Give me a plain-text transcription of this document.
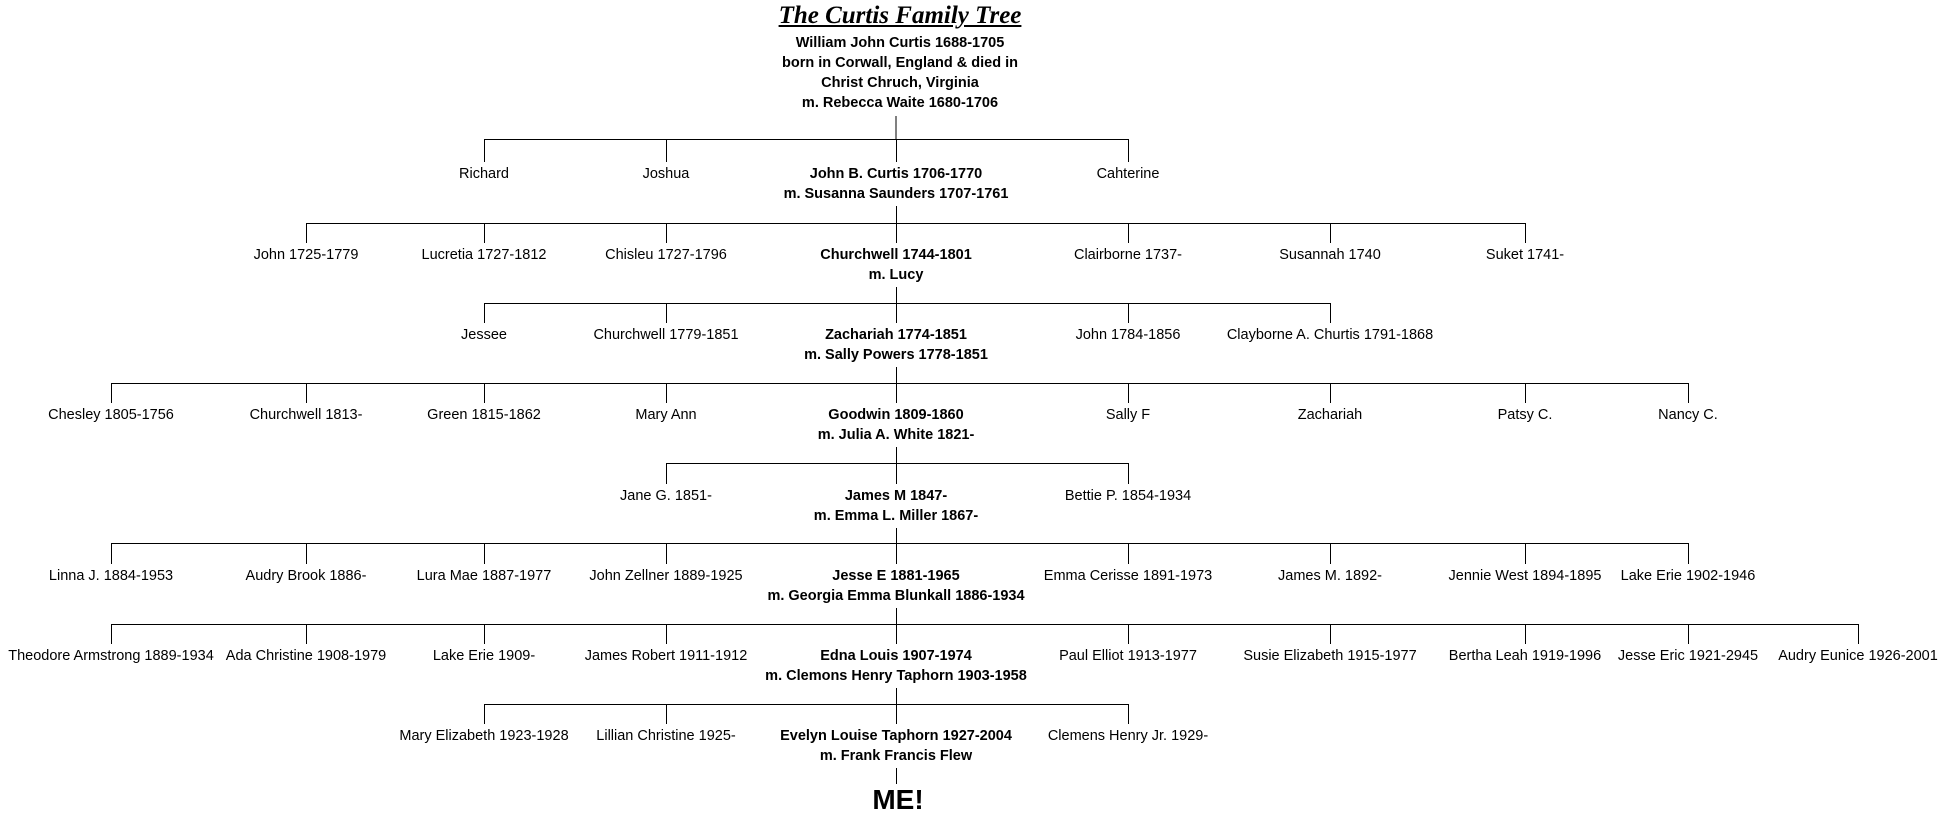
The Curtis Family Tree
William John Curtis 1688-1705
born in Corwall, England & died in
Christ Chruch, Virginia
m. Rebecca Waite 1680-1706
ME!
Richard	Joshua	Cahterine
John B. Curtis 1706-1770
m. Susanna Saunders 1707-1761
John 1725-1779	Lucretia 1727-1812	Chisleu 1727-1796	Clairborne 1737-	Susannah 1740	Suket 1741-
Churchwell 1744-1801
m. Lucy
Jessee	Churchwell 1779-1851	John 1784-1856	Clayborne A. Churtis 1791-1868
Zachariah 1774-1851
m. Sally Powers 1778-1851
Chesley 1805-1756	Churchwell 1813-	Green 1815-1862	Mary Ann	Sally F	Zachariah	Patsy C.	Nancy C.
Goodwin 1809-1860
m. Julia A. White 1821-
Jane G. 1851-	Bettie P. 1854-1934
James M 1847-
m. Emma L. Miller 1867-
Linna J. 1884-1953	Audry Brook 1886-	Lura Mae 1887-1977	John Zellner 1889-1925	Emma Cerisse 1891-1973	James M. 1892-	Jennie West 1894-1895 Lake Erie 1902-1946
Jesse E 1881-1965
m. Georgia Emma Blunkall 1886-1934
Theodore Armstrong 1889-1934 Ada Christine 1908-1979	Lake Erie 1909-	James Robert 1911-1912	Paul Elliot 1913-1977	Susie Elizabeth 1915-1977 Bertha Leah 1919-1996 Jesse Eric 1921-2945 Audry Eunice 1926-2001
Edna Louis 1907-1974
m. Clemons Henry Taphorn 1903-1958
Mary Elizabeth 1923-1928 Lillian Christine 1925-	Clemens Henry Jr. 1929-
Evelyn Louise Taphorn 1927-2004
m. Frank Francis Flew
